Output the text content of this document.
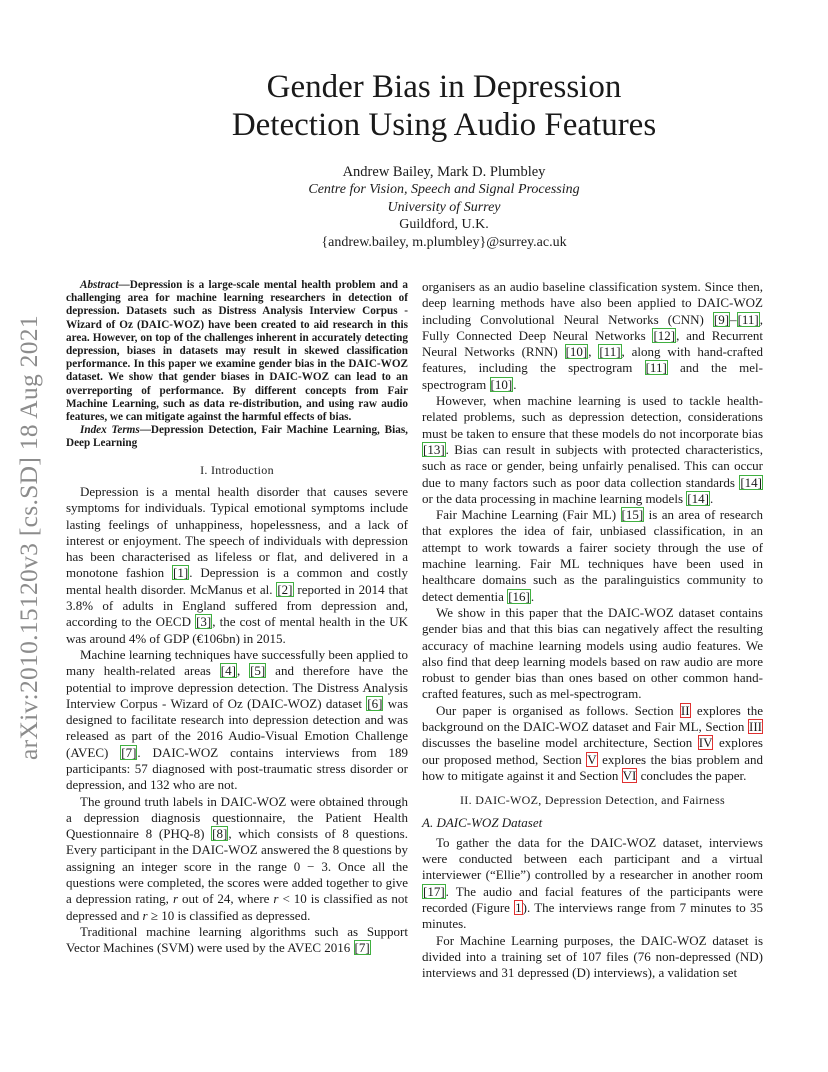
arXiv:2010.15120v3 [cs.SD] 18 Aug 2021
Gender Bias in Depression
Detection Using Audio Features
Andrew Bailey, Mark D. Plumbley
Centre for Vision, Speech and Signal Processing
University of Surrey
Guildford, U.K.
{andrew.bailey, m.plumbley}@surrey.ac.uk

Abstract—Depression is a large-scale mental health problem and a challenging area for machine learning researchers in detection of depression. Datasets such as Distress Analysis Interview Corpus - Wizard of Oz (DAIC-WOZ) have been created to aid research in this area. However, on top of the challenges inherent in accurately detecting depression, biases in datasets may result in skewed classification performance. In this paper we examine gender bias in the DAIC-WOZ dataset. We show that gender biases in DAIC-WOZ can lead to an overreporting of performance. By different concepts from Fair Machine Learning, such as data re-distribution, and using raw audio features, we can mitigate against the harmful effects of bias.

Index Terms—Depression Detection, Fair Machine Learning, Bias, Deep Learning

I. Introduction

Depression is a mental health disorder that causes severe symptoms for individuals. Typical emotional symptoms include lasting feelings of unhappiness, hopelessness, and a lack of interest or enjoyment. The speech of individuals with depression has been characterised as lifeless or flat, and delivered in a monotone fashion [1]. Depression is a common and costly mental health disorder. McManus et al. [2] reported in 2014 that 3.8% of adults in England suffered from depression and, according to the OECD [3], the cost of mental health in the UK was around 4% of GDP (€106bn) in 2015.

Machine learning techniques have successfully been applied to many health-related areas [4], [5] and therefore have the potential to improve depression detection. The Distress Analysis Interview Corpus - Wizard of Oz (DAIC-WOZ) dataset [6] was designed to facilitate research into depression detection and was released as part of the 2016 Audio-Visual Emotion Challenge (AVEC) [7]. DAIC-WOZ contains interviews from 189 participants: 57 diagnosed with post-traumatic stress disorder or depression, and 132 who are not.

The ground truth labels in DAIC-WOZ were obtained through a depression diagnosis questionnaire, the Patient Health Questionnaire 8 (PHQ-8) [8], which consists of 8 questions. Every participant in the DAIC-WOZ answered the 8 questions by assigning an integer score in the range 0 − 3. Once all the questions were completed, the scores were added together to give a depression rating, r out of 24, where r < 10 is classified as not depressed and r ≥ 10 is classified as depressed.

Traditional machine learning algorithms such as Support Vector Machines (SVM) were used by the AVEC 2016 [7]

organisers as an audio baseline classification system. Since then, deep learning methods have also been applied to DAIC-WOZ including Convolutional Neural Networks (CNN) [9]–[11], Fully Connected Deep Neural Networks [12], and Recurrent Neural Networks (RNN) [10], [11], along with hand-crafted features, including the spectrogram [11] and the mel-spectrogram [10].

However, when machine learning is used to tackle health-related problems, such as depression detection, considerations must be taken to ensure that these models do not incorporate bias [13]. Bias can result in subjects with protected characteristics, such as race or gender, being unfairly penalised. This can occur due to many factors such as poor data collection standards [14] or the data processing in machine learning models [14].

Fair Machine Learning (Fair ML) [15] is an area of research that explores the idea of fair, unbiased classification, in an attempt to work towards a fairer society through the use of machine learning. Fair ML techniques have been used in healthcare domains such as the paralinguistics community to detect dementia [16].

We show in this paper that the DAIC-WOZ dataset contains gender bias and that this bias can negatively affect the resulting accuracy of machine learning models using audio features. We also find that deep learning models based on raw audio are more robust to gender bias than ones based on other common hand-crafted features, such as mel-spectrogram.

Our paper is organised as follows. Section II explores the background on the DAIC-WOZ dataset and Fair ML, Section III discusses the baseline model architecture, Section IV explores our proposed method, Section V explores the bias problem and how to mitigate against it and Section VI concludes the paper.

II. DAIC-WOZ, Depression Detection, and Fairness
A. DAIC-WOZ Dataset

To gather the data for the DAIC-WOZ dataset, interviews were conducted between each participant and a virtual interviewer (“Ellie”) controlled by a researcher in another room [17]. The audio and facial features of the participants were recorded (Figure 1). The interviews range from 7 minutes to 35 minutes.

For Machine Learning purposes, the DAIC-WOZ dataset is divided into a training set of 107 files (76 non-depressed (ND) interviews and 31 depressed (D) interviews), a validation set
